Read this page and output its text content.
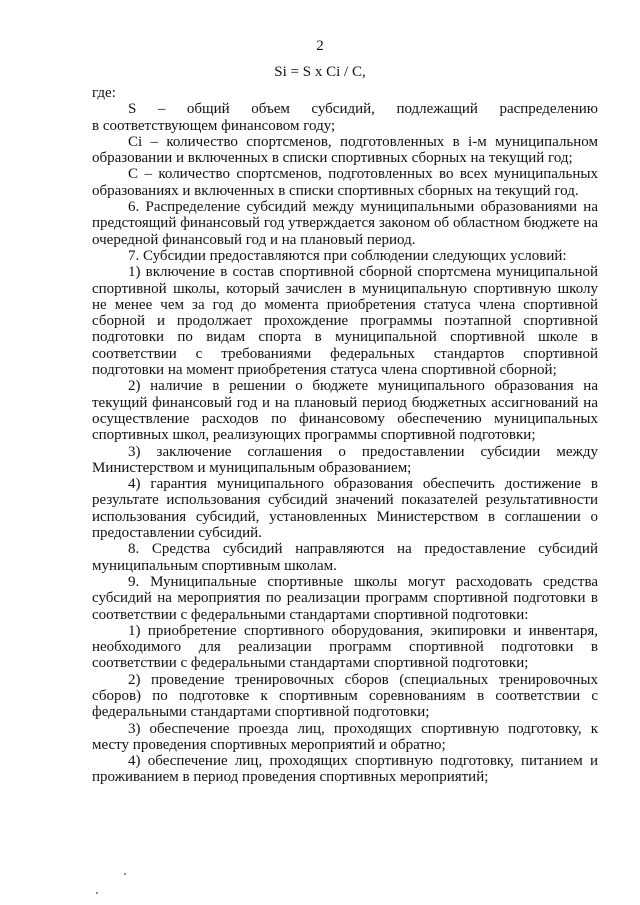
2
Si = S x Ci / C,

где:

S – общий объем субсидий, подлежащий распределению

в соответствующем финансовом году;

Ci – количество спортсменов, подготовленных в i-м муниципальном образовании и включенных в списки спортивных сборных на текущий год;

C – количество спортсменов, подготовленных во всех муниципальных образованиях и включенных в списки спортивных сборных на текущий год.

6. Распределение субсидий между муниципальными образованиями на предстоящий финансовый год утверждается законом об областном бюджете на очередной финансовый год и на плановый период.

7. Субсидии предоставляются при соблюдении следующих условий:

1) включение в состав спортивной сборной спортсмена муниципальной спортивной школы, который зачислен в муниципальную спортивную школу не менее чем за год до момента приобретения статуса члена спортивной сборной и продолжает прохождение программы поэтапной спортивной подготовки по видам спорта в муниципальной спортивной школе в соответствии с требованиями федеральных стандартов спортивной подготовки на момент приобретения статуса члена спортивной сборной;

2) наличие в решении о бюджете муниципального образования на текущий финансовый год и на плановый период бюджетных ассигнований на осуществление расходов по финансовому обеспечению муниципальных спортивных школ, реализующих программы спортивной подготовки;

3) заключение соглашения о предоставлении субсидии между Министерством и муниципальным образованием;

4) гарантия муниципального образования обеспечить достижение в результате использования субсидий значений показателей результативности использования субсидий, установленных Министерством в соглашении о предоставлении субсидий.

8. Средства субсидий направляются на предоставление субсидий муниципальным спортивным школам.

9. Муниципальные спортивные школы могут расходовать средства субсидий на мероприятия по реализации программ спортивной подготовки в соответствии с федеральными стандартами спортивной подготовки:

1) приобретение спортивного оборудования, экипировки и инвентаря, необходимого для реализации программ спортивной подготовки в соответствии с федеральными стандартами спортивной подготовки;

2) проведение тренировочных сборов (специальных тренировочных сборов) по подготовке к спортивным соревнованиям в соответствии с федеральными стандартами спортивной подготовки;

3) обеспечение проезда лиц, проходящих спортивную подготовку, к месту проведения спортивных мероприятий и обратно;

4) обеспечение лиц, проходящих спортивную подготовку, питанием и проживанием в период проведения спортивных мероприятий;
